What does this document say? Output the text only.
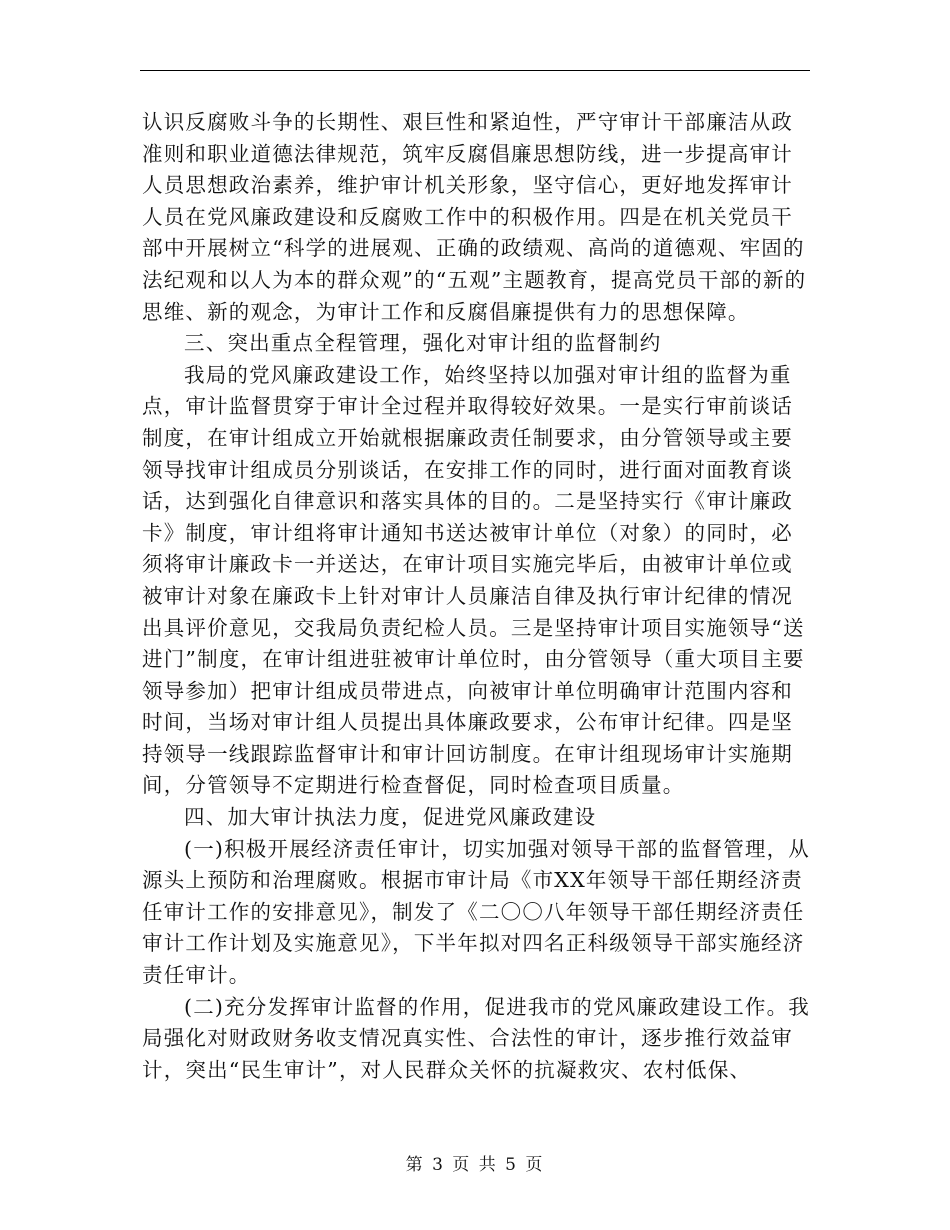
认识反腐败斗争的长期性、艰巨性和紧迫性，严守审计干部廉洁从政准则和职业道德法律规范，筑牢反腐倡廉思想防线，进一步提高审计人员思想政治素养，维护审计机关形象，坚守信心，更好地发挥审计人员在党风廉政建设和反腐败工作中的积极作用。四是在机关党员干部中开展树立“科学的进展观、正确的政绩观、高尚的道德观、牢固的法纪观和以人为本的群众观”的“五观”主题教育，提高党员干部的新的思维、新的观念，为审计工作和反腐倡廉提供有力的思想保障。

三、突出重点全程管理，强化对审计组的监督制约

我局的党风廉政建设工作，始终坚持以加强对审计组的监督为重点，审计监督贯穿于审计全过程并取得较好效果。一是实行审前谈话制度，在审计组成立开始就根据廉政责任制要求，由分管领导或主要领导找审计组成员分别谈话，在安排工作的同时，进行面对面教育谈话，达到强化自律意识和落实具体的目的。二是坚持实行《审计廉政卡》制度，审计组将审计通知书送达被审计单位（对象）的同时，必须将审计廉政卡一并送达，在审计项目实施完毕后，由被审计单位或被审计对象在廉政卡上针对审计人员廉洁自律及执行审计纪律的情况出具评价意见，交我局负责纪检人员。三是坚持审计项目实施领导“送进门”制度，在审计组进驻被审计单位时，由分管领导（重大项目主要领导参加）把审计组成员带进点，向被审计单位明确审计范围内容和时间，当场对审计组人员提出具体廉政要求，公布审计纪律。四是坚持领导一线跟踪监督审计和审计回访制度。在审计组现场审计实施期间，分管领导不定期进行检查督促，同时检查项目质量。

四、加大审计执法力度，促进党风廉政建设

(一)积极开展经济责任审计，切实加强对领导干部的监督管理，从源头上预防和治理腐败。根据市审计局《市XX年领导干部任期经济责任审计工作的安排意见》，制发了《二〇〇八年领导干部任期经济责任审计工作计划及实施意见》，下半年拟对四名正科级领导干部实施经济责任审计。

(二)充分发挥审计监督的作用，促进我市的党风廉政建设工作。我局强化对财政财务收支情况真实性、合法性的审计，逐步推行效益审计，突出“民生审计”，对人民群众关怀的抗凝救灾、农村低保、

第 3 页 共 5 页
